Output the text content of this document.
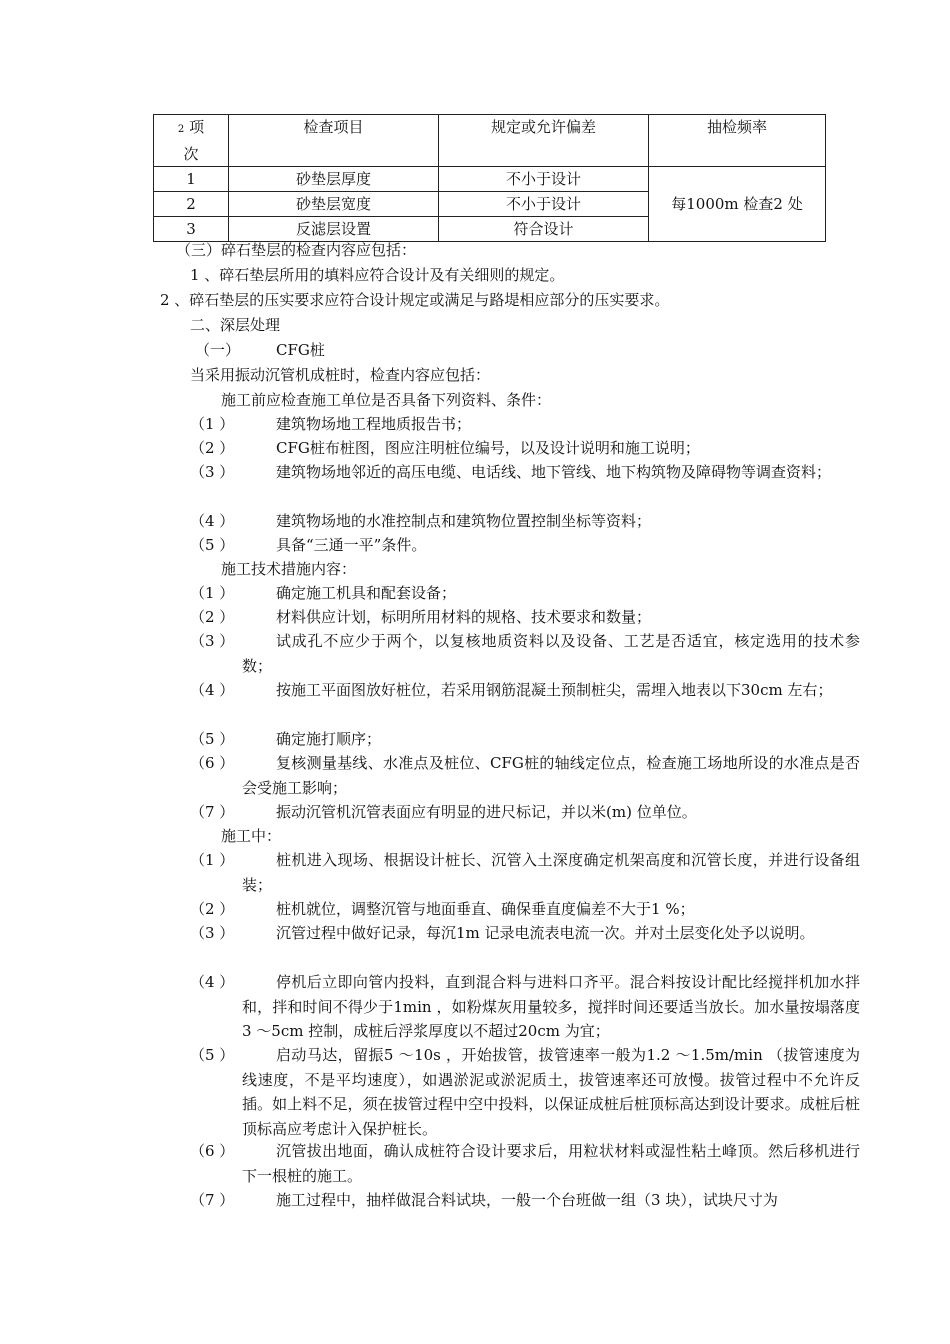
2 项
次	检查项目	规定或允许偏差	抽检频率
1	砂垫层厚度	不小于设计	每1000m 检查2 处
2	砂垫层宽度	不小于设计	
3	反滤层设置	符合设计	
（三）碎石垫层的检查内容应包括：
1 、碎石垫层所用的填料应符合设计及有关细则的规定。
2 、碎石垫层的压实要求应符合设计规定或满足与路堤相应部分的压实要求。
二、深层处理
（一） CFG桩
当采用振动沉管机成桩时，检查内容应包括：
施工前应检查施工单位是否具备下列资料、条件：
（1 ）	建筑物场地工程地质报告书；
（2 ）	CFG桩布桩图，图应注明桩位编号，以及设计说明和施工说明；
（3 ）	建筑物场地邻近的高压电缆、电话线、地下管线、地下构筑物及障碍物等调查资料；
（4 ）	建筑物场地的水准控制点和建筑物位置控制坐标等资料；
（5 ）	具备“三通一平”条件。
施工技术措施内容：
（1 ）	确定施工机具和配套设备；
（2 ）	材料供应计划，标明所用材料的规格、技术要求和数量；
（3 ）	试成孔不应少于两个，以复核地质资料以及设备、工艺是否适宜，核定选用的技术参数；
（4 ）	按施工平面图放好桩位，若采用钢筋混凝土预制桩尖，需埋入地表以下30cm 左右；
（5 ）	确定施打顺序；
（6 ）	复核测量基线、水准点及桩位、CFG桩的轴线定位点，检查施工场地所设的水准点是否会受施工影响；
（7 ）	振动沉管机沉管表面应有明显的进尺标记，并以米(m) 位单位。
施工中：
（1 ）	桩机进入现场、根据设计桩长、沉管入土深度确定机架高度和沉管长度，并进行设备组装；
（2 ）	桩机就位，调整沉管与地面垂直、确保垂直度偏差不大于1 %；
（3 ）	沉管过程中做好记录，每沉1m 记录电流表电流一次。并对土层变化处予以说明。
（4 ）	停机后立即向管内投料，直到混合料与进料口齐平。混合料按设计配比经搅拌机加水拌和，拌和时间不得少于1min ，如粉煤灰用量较多，搅拌时间还要适当放长。加水量按塌落度3 ～5cm 控制，成桩后浮浆厚度以不超过20cm 为宜；
（5 ）	启动马达，留振5 ～10s ，开始拔管，拔管速率一般为1.2 ～1.5m/min （拔管速度为线速度，不是平均速度），如遇淤泥或淤泥质土，拔管速率还可放慢。拔管过程中不允许反插。如上料不足，须在拔管过程中空中投料，以保证成桩后桩顶标高达到设计要求。成桩后桩顶标高应考虑计入保护桩长。
（6 ）	沉管拔出地面，确认成桩符合设计要求后，用粒状材料或湿性粘土峰顶。然后移机进行下一根桩的施工。
（7 ）	施工过程中，抽样做混合料试块，一般一个台班做一组（3 块），试块尺寸为
